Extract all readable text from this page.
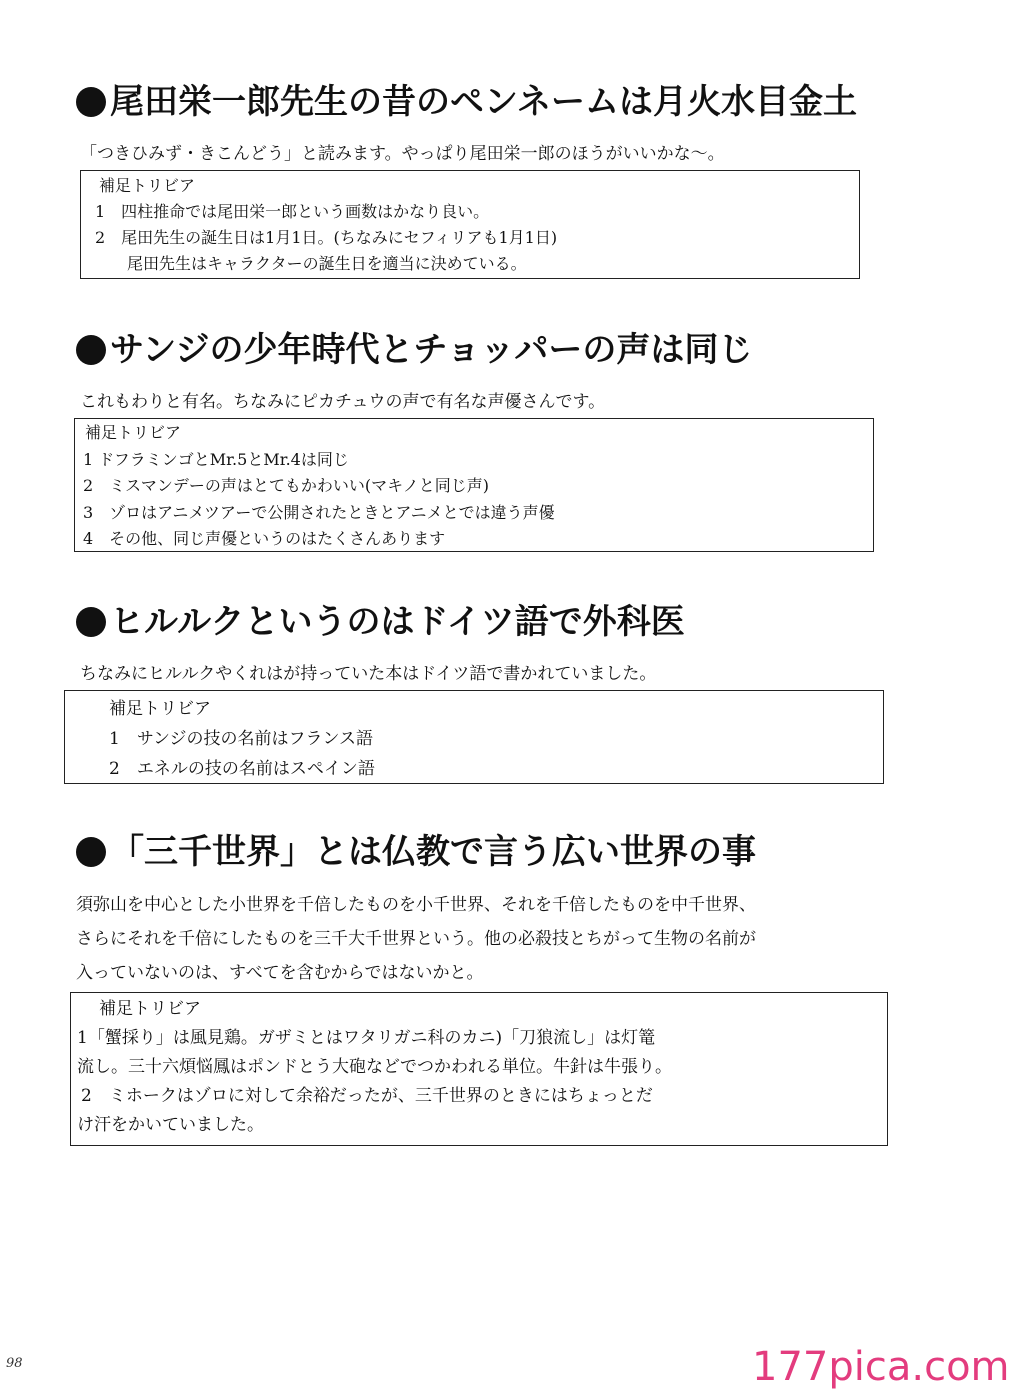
尾田栄一郎先生の昔のペンネームは月火水目金土
「つきひみず・きこんどう」と読みます。やっぱり尾田栄一郎のほうがいいかな〜。
補足トリビア
1　四柱推命では尾田栄一郎という画数はかなり良い。
2　尾田先生の誕生日は1月1日。(ちなみにセフィリアも1月1日)
　　尾田先生はキャラクターの誕生日を適当に決めている。
サンジの少年時代とチョッパーの声は同じ
これもわりと有名。ちなみにピカチュウの声で有名な声優さんです。
補足トリビア
1 ドフラミンゴとMr.5とMr.4は同じ
2　ミスマンデーの声はとてもかわいい(マキノと同じ声)
3　ゾロはアニメツアーで公開されたときとアニメとでは違う声優
4　その他、同じ声優というのはたくさんあります
ヒルルクというのはドイツ語で外科医
ちなみにヒルルクやくれはが持っていた本はドイツ語で書かれていました。
補足トリビア
1　サンジの技の名前はフランス語
2　エネルの技の名前はスペイン語
「三千世界」とは仏教で言う広い世界の事
須弥山を中心とした小世界を千倍したものを小千世界、それを千倍したものを中千世界、
さらにそれを千倍にしたものを三千大千世界という。他の必殺技とちがって生物の名前が
入っていないのは、すべてを含むからではないかと。
補足トリビア
1「蟹採り」は風見鶏。ガザミとはワタリガニ科のカニ)「刀狼流し」は灯篭
流し。三十六煩悩鳳はポンドとう大砲などでつかわれる単位。牛針は牛張り。
2　ミホークはゾロに対して余裕だったが、三千世界のときにはちょっとだ
け汗をかいていました。
98	177pica.com
